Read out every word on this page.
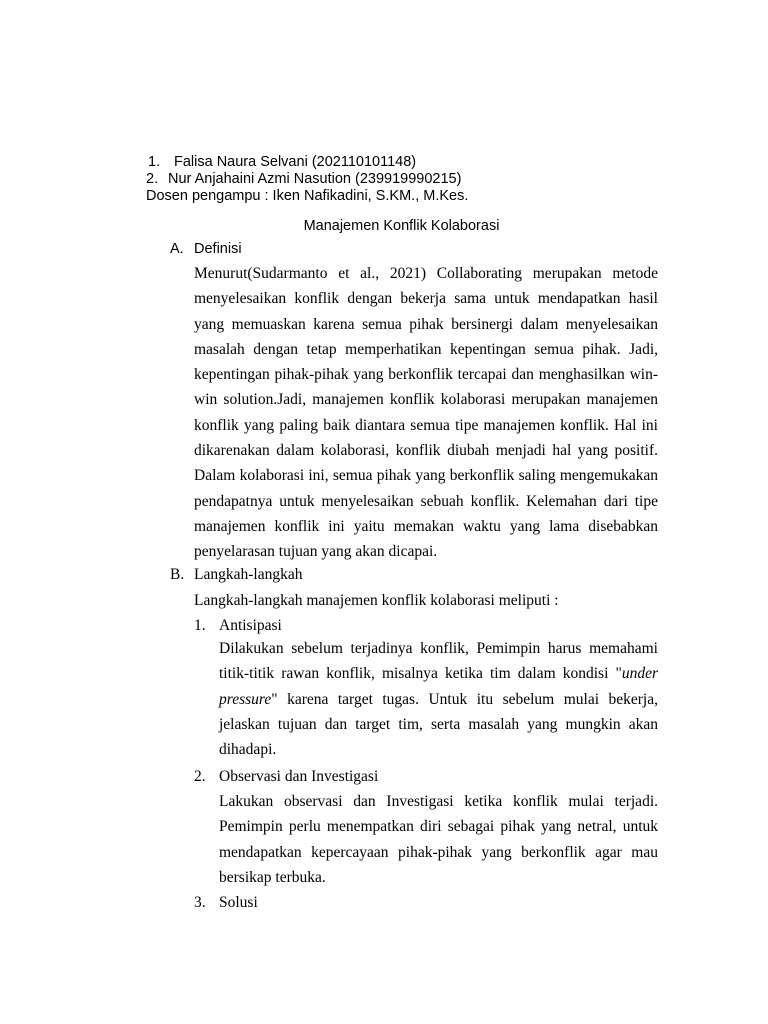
1. Falisa Naura Selvani (202110101148)
2. Nur Anjahaini Azmi Nasution (239919990215)
Dosen pengampu : Iken Nafikadini, S.KM., M.Kes.
Manajemen Konflik Kolaborasi
A. Definisi

Menurut(Sudarmanto et al., 2021) Collaborating merupakan metode menyelesaikan konflik dengan bekerja sama untuk mendapatkan hasil yang memuaskan karena semua pihak bersinergi dalam menyelesaikan masalah dengan tetap memperhatikan kepentingan semua pihak. Jadi, kepentingan pihak-pihak yang berkonflik tercapai dan menghasilkan win-win solution.Jadi, manajemen konflik kolaborasi merupakan manajemen konflik yang paling baik diantara semua tipe manajemen konflik. Hal ini dikarenakan dalam kolaborasi, konflik diubah menjadi hal yang positif. Dalam kolaborasi ini, semua pihak yang berkonflik saling mengemukakan pendapatnya untuk menyelesaikan sebuah konflik. Kelemahan dari tipe manajemen konflik ini yaitu memakan waktu yang lama disebabkan penyelarasan tujuan yang akan dicapai.

B. Langkah-langkah
Langkah-langkah manajemen konflik kolaborasi meliputi :
1. Antisipasi

Dilakukan sebelum terjadinya konflik, Pemimpin harus memahami titik-titik rawan konflik, misalnya ketika tim dalam kondisi "under pressure" karena target tugas. Untuk itu sebelum mulai bekerja, jelaskan tujuan dan target tim, serta masalah yang mungkin akan dihadapi.

2. Observasi dan Investigasi

Lakukan observasi dan Investigasi ketika konflik mulai terjadi. Pemimpin perlu menempatkan diri sebagai pihak yang netral, untuk mendapatkan kepercayaan pihak-pihak yang berkonflik agar mau bersikap terbuka.

3. Solusi
